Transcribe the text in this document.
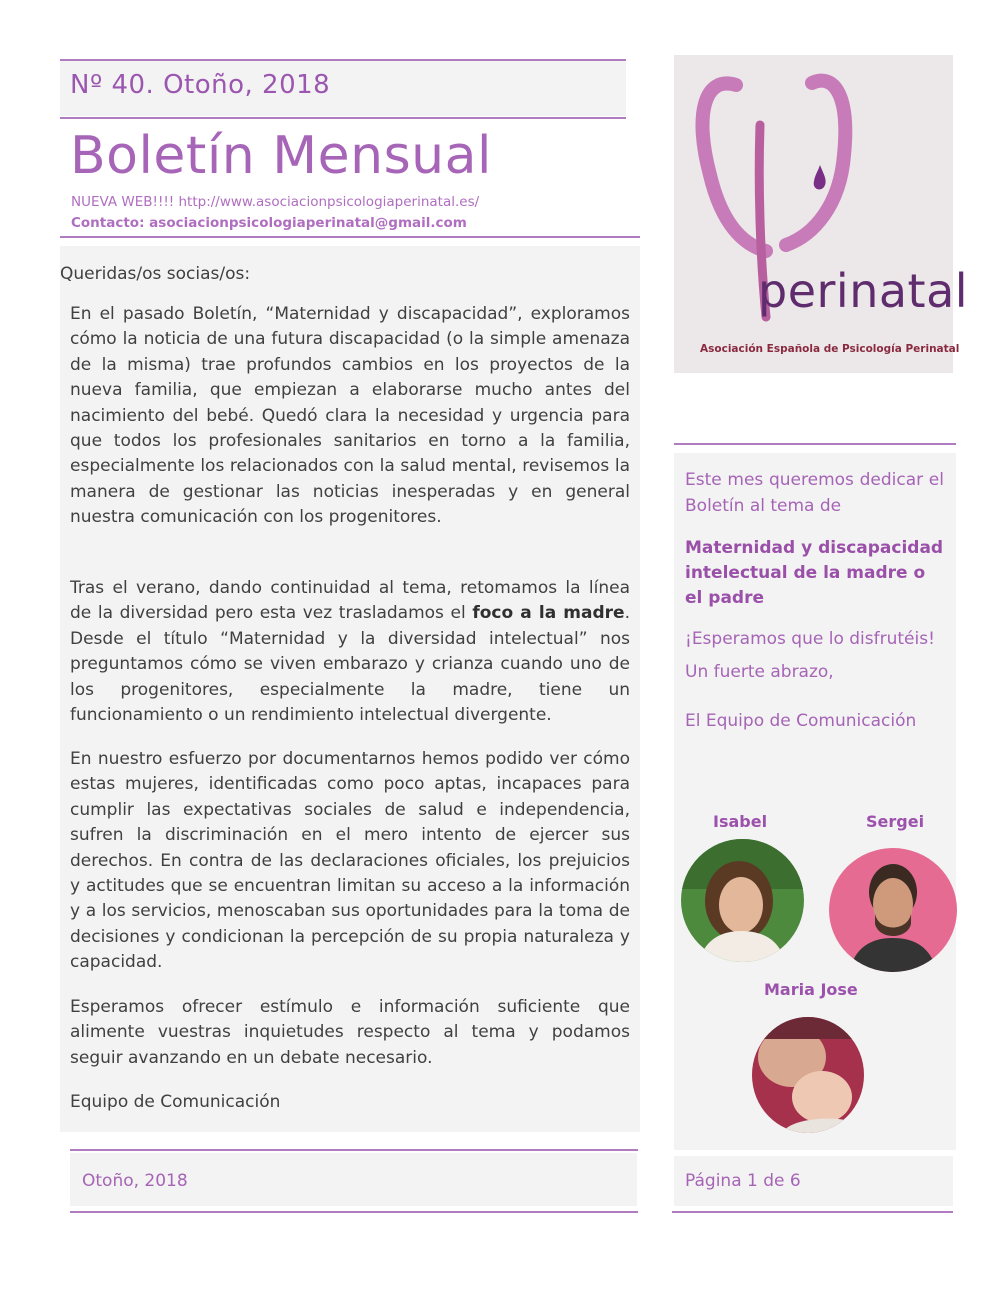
Nº 40. Otoño, 2018
Boletín Mensual
NUEVA WEB!!!! http://www.asociacionpsicologiaperinatal.es/
Contacto: asociacionpsicologiaperinatal@gmail.com
Queridas/os socias/os:
En el pasado Boletín, “Maternidad y discapacidad”, exploramos cómo la noticia de una futura discapacidad (o la simple amenaza de la misma) trae profundos cambios en los proyectos de la nueva familia, que empiezan a elaborarse mucho antes del nacimiento del bebé. Quedó clara la necesidad y urgencia para que todos los profesionales sanitarios en torno a la familia, especialmente los relacionados con la salud mental, revisemos la manera de gestionar las noticias inesperadas y en general nuestra comunicación con los progenitores.
Tras el verano, dando continuidad al tema, retomamos la línea de la diversidad pero esta vez trasladamos el foco a la madre. Desde el título “Maternidad y la diversidad intelectual” nos preguntamos cómo se viven embarazo y crianza cuando uno de los progenitores, especialmente la madre, tiene un funcionamiento o un rendimiento intelectual divergente.
En nuestro esfuerzo por documentarnos hemos podido ver cómo estas mujeres, identificadas como poco aptas, incapaces para cumplir las expectativas sociales de salud e independencia, sufren la discriminación en el mero intento de ejercer sus derechos. En contra de las declaraciones oficiales, los prejuicios y actitudes que se encuentran limitan su acceso a la información y a los servicios, menoscaban sus oportunidades para la toma de decisiones y condicionan la percepción de su propia naturaleza y capacidad.
Esperamos ofrecer estímulo e información suficiente que alimente vuestras inquietudes respecto al tema y podamos seguir avanzando en un debate necesario.
Equipo de Comunicación
perinatal
Asociación Española de Psicología Perinatal
Este mes queremos dedicar el Boletín al tema de
Maternidad y discapacidad intelectual de la madre o el padre
¡Esperamos que lo disfrutéis!
Un fuerte abrazo,
El Equipo de Comunicación
Isabel	Sergei
Maria Jose
Otoño, 2018	Página 1 de 6
